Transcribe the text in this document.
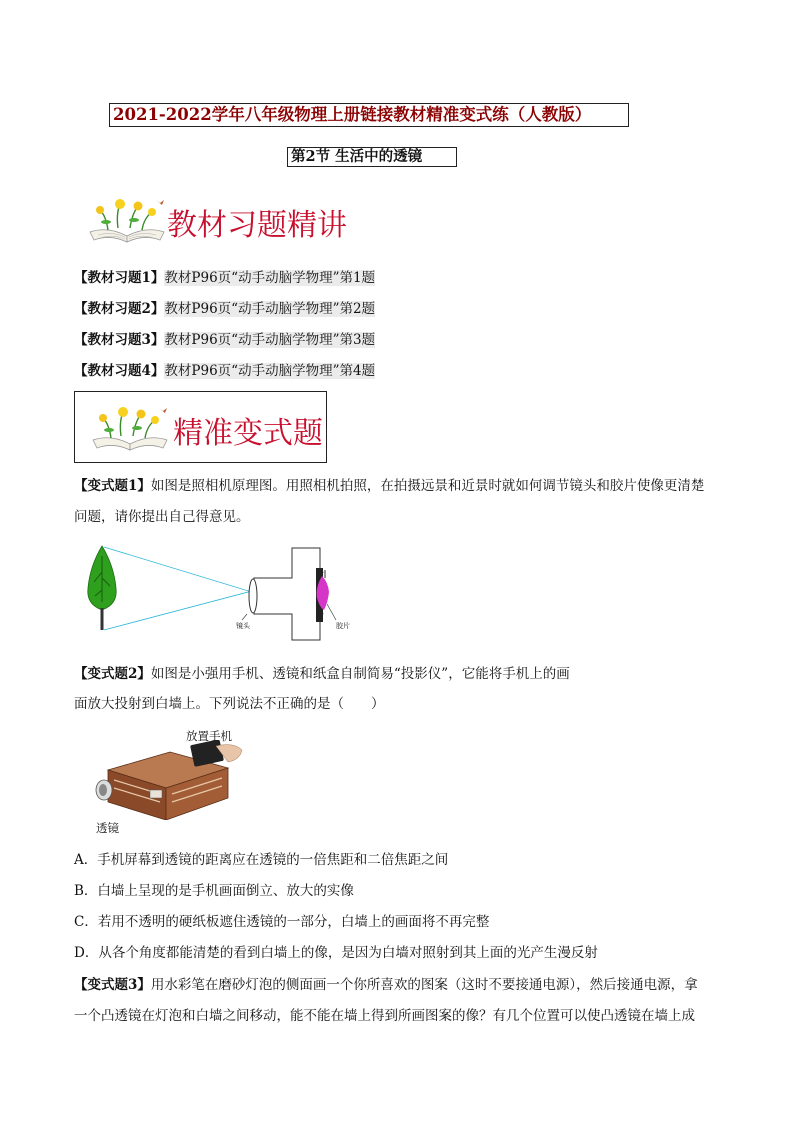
2021-2022学年八年级物理上册链接教材精准变式练（人教版）
第2节 生活中的透镜
教材习题精讲
【教材习题1】教材P96页“动手动脑学物理”第1题
【教材习题2】教材P96页“动手动脑学物理”第2题
【教材习题3】教材P96页“动手动脑学物理”第3题
【教材习题4】教材P96页“动手动脑学物理”第4题
精准变式题
【变式题1】如图是照相机原理图。用照相机拍照，在拍摄远景和近景时就如何调节镜头和胶片使像更清楚
问题，请你提出自己得意见。
镜头	胶片
【变式题2】如图是小强用手机、透镜和纸盒自制简易“投影仪”，它能将手机上的画
面放大投射到白墙上。下列说法不正确的是（　　）
放置手机
透镜
A．手机屏幕到透镜的距离应在透镜的一倍焦距和二倍焦距之间
B．白墙上呈现的是手机画面倒立、放大的实像
C．若用不透明的硬纸板遮住透镜的一部分，白墙上的画面将不再完整
D．从各个角度都能清楚的看到白墙上的像，是因为白墙对照射到其上面的光产生漫反射
【变式题3】用水彩笔在磨砂灯泡的侧面画一个你所喜欢的图案（这时不要接通电源），然后接通电源，拿
一个凸透镜在灯泡和白墙之间移动，能不能在墙上得到所画图案的像？有几个位置可以使凸透镜在墙上成
